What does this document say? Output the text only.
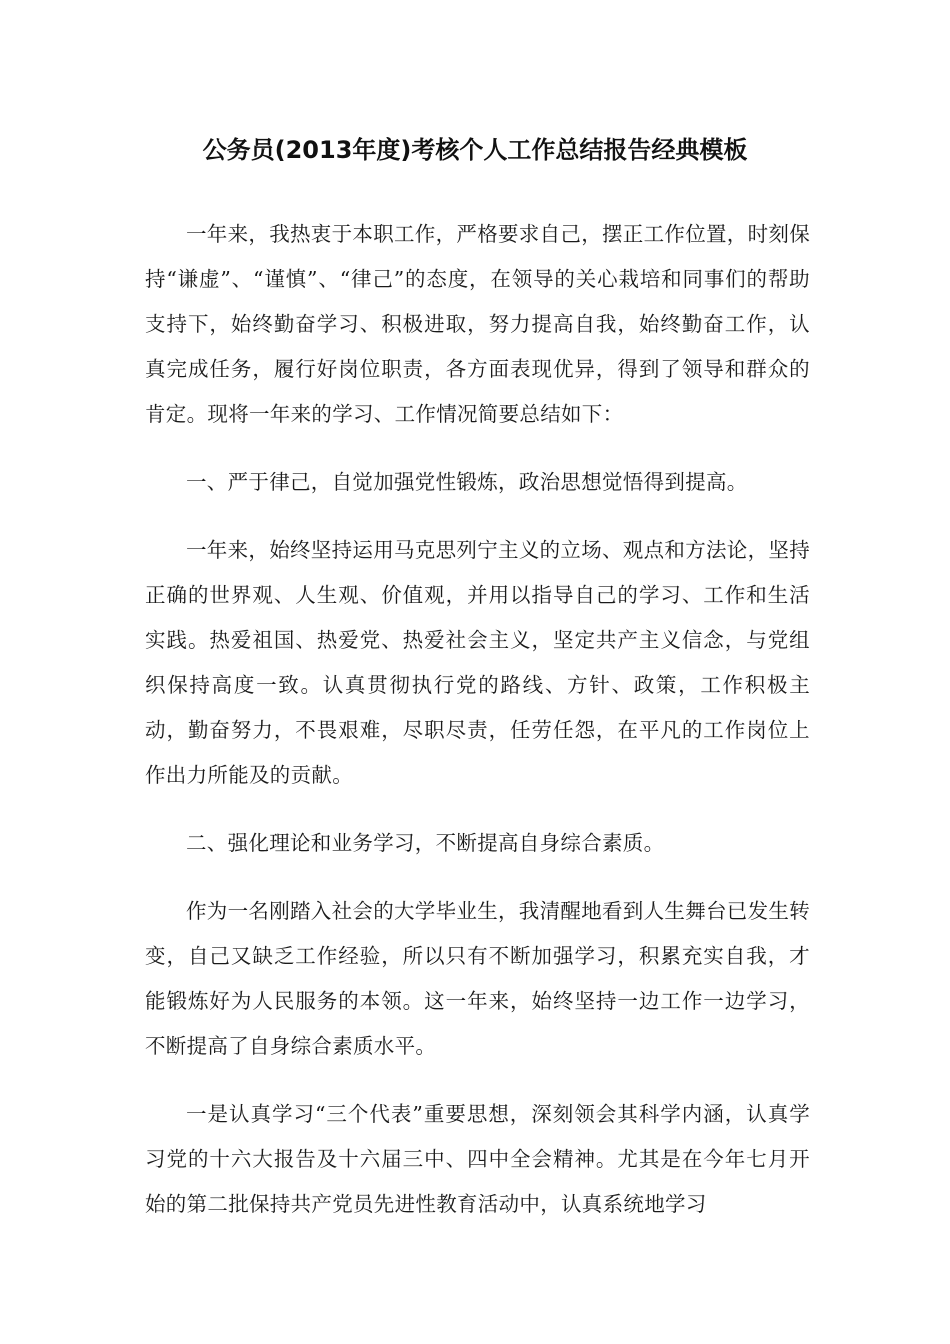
公务员(2013年度)考核个人工作总结报告经典模板

一年来，我热衷于本职工作，严格要求自己，摆正工作位置，时刻保持“谦虚”、“谨慎”、“律己”的态度，在领导的关心栽培和同事们的帮助支持下，始终勤奋学习、积极进取，努力提高自我，始终勤奋工作，认真完成任务，履行好岗位职责，各方面表现优异，得到了领导和群众的肯定。现将一年来的学习、工作情况简要总结如下：

一、严于律己，自觉加强党性锻炼，政治思想觉悟得到提高。

一年来，始终坚持运用马克思列宁主义的立场、观点和方法论，坚持正确的世界观、人生观、价值观，并用以指导自己的学习、工作和生活实践。热爱祖国、热爱党、热爱社会主义，坚定共产主义信念，与党组织保持高度一致。认真贯彻执行党的路线、方针、政策，工作积极主动，勤奋努力，不畏艰难，尽职尽责，任劳任怨，在平凡的工作岗位上作出力所能及的贡献。

二、强化理论和业务学习，不断提高自身综合素质。

作为一名刚踏入社会的大学毕业生，我清醒地看到人生舞台已发生转变，自己又缺乏工作经验，所以只有不断加强学习，积累充实自我，才能锻炼好为人民服务的本领。这一年来，始终坚持一边工作一边学习，不断提高了自身综合素质水平。

一是认真学习“三个代表”重要思想，深刻领会其科学内涵，认真学习党的十六大报告及十六届三中、四中全会精神。尤其是在今年七月开始的第二批保持共产党员先进性教育活动中，认真系统地学习
